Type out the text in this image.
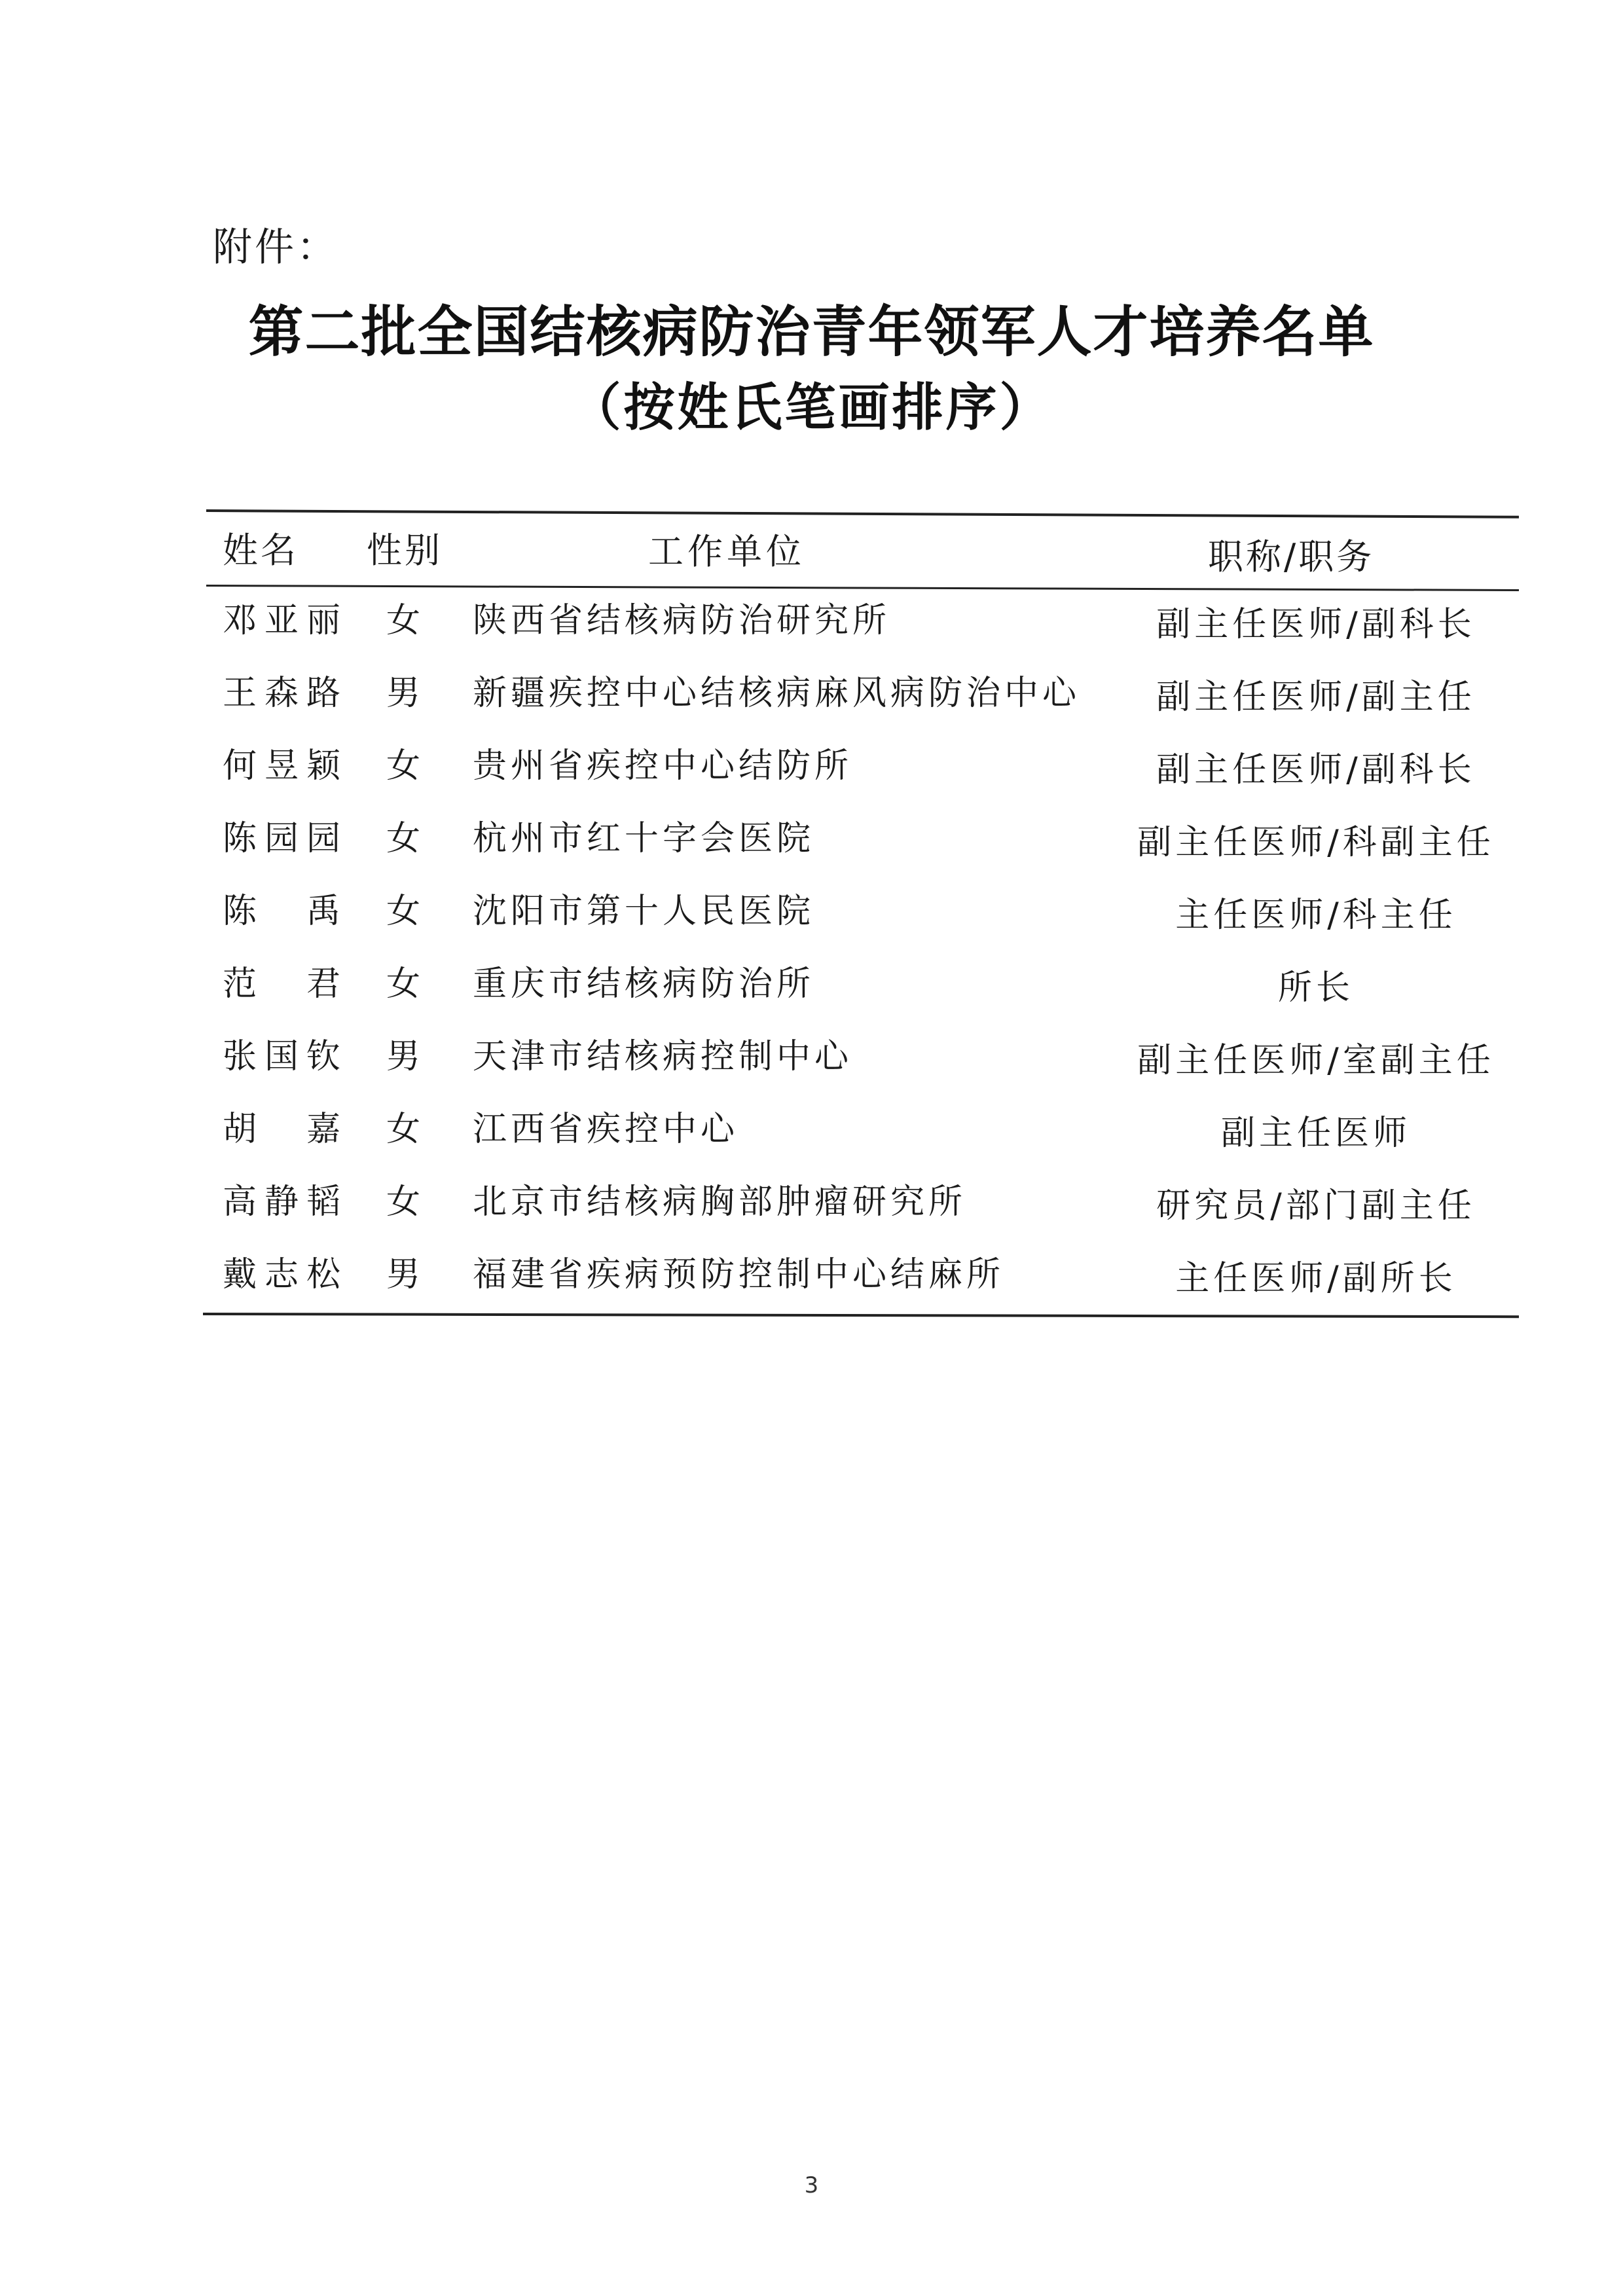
附件：
第二批全国结核病防治青年领军人才培养名单
（按姓氏笔画排序）
姓名 性别	工作单位	职称/职务
邓亚丽 女 陕西省结核病防治研究所	副主任医师/副科长
王森路 男 新疆疾控中心结核病麻风病防治中心	副主任医师/副主任
何昱颖 女 贵州省疾控中心结防所	副主任医师/副科长
陈园园 女 杭州市红十字会医院	副主任医师/科副主任
陈禹 女 沈阳市第十人民医院	主任医师/科主任
范君 女 重庆市结核病防治所	所长
张国钦 男 天津市结核病控制中心	副主任医师/室副主任
胡嘉 女 江西省疾控中心	副主任医师
高静韬 女 北京市结核病胸部肿瘤研究所	研究员/部门副主任
戴志松 男 福建省疾病预防控制中心结麻所	主任医师/副所长
3
